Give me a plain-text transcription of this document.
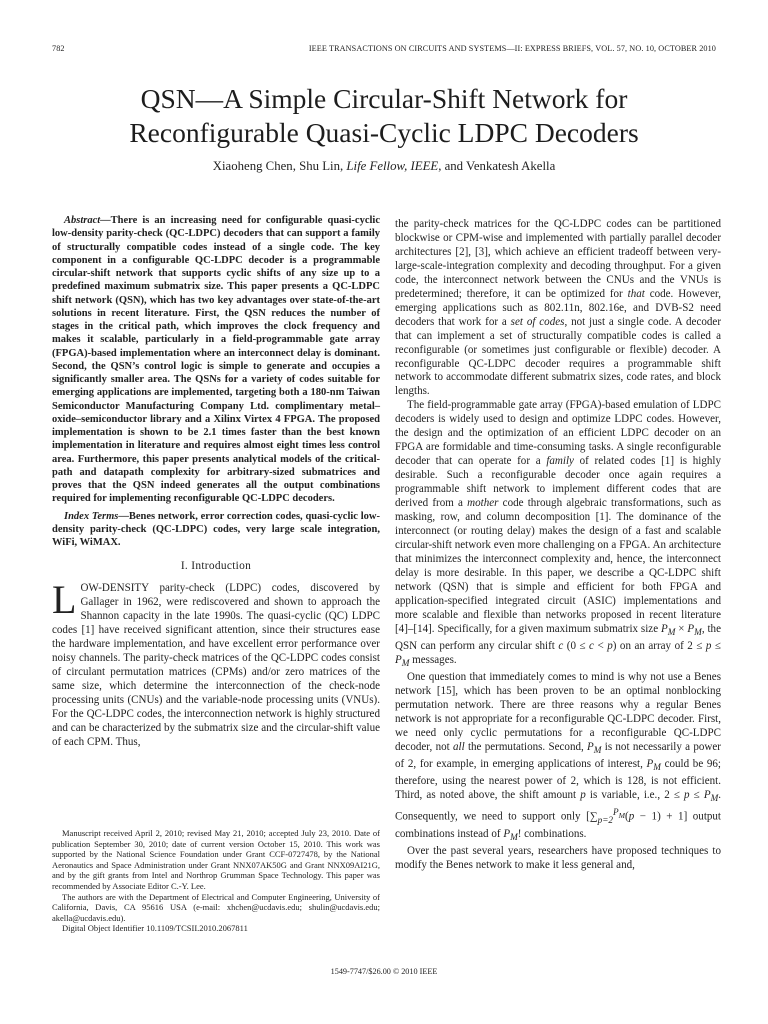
782	IEEE TRANSACTIONS ON CIRCUITS AND SYSTEMS—II: EXPRESS BRIEFS, VOL. 57, NO. 10, OCTOBER 2010
QSN—A Simple Circular-Shift Network for
Reconfigurable Quasi-Cyclic LDPC Decoders
Xiaoheng Chen, Shu Lin, Life Fellow, IEEE, and Venkatesh Akella

Abstract—There is an increasing need for configurable quasi-cyclic low-density parity-check (QC-LDPC) decoders that can support a family of structurally compatible codes instead of a single code. The key component in a configurable QC-LDPC decoder is a programmable circular-shift network that supports cyclic shifts of any size up to a predefined maximum submatrix size. This paper presents a QC-LDPC shift network (QSN), which has two key advantages over state-of-the-art solutions in recent literature. First, the QSN reduces the number of stages in the critical path, which improves the clock frequency and makes it scalable, particularly in a field-programmable gate array (FPGA)-based implementation where an interconnect delay is dominant. Second, the QSN’s control logic is simple to generate and occupies a significantly smaller area. The QSNs for a variety of codes suitable for emerging applications are implemented, targeting both a 180-nm Taiwan Semiconductor Manufacturing Company Ltd. complimentary metal–oxide–semiconductor library and a Xilinx Virtex 4 FPGA. The proposed implementation is shown to be 2.1 times faster than the best known implementation in literature and requires almost eight times less control area. Furthermore, this paper presents analytical models of the critical-path and datapath complexity for arbitrary-sized submatrices and proves that the QSN indeed generates all the output combinations required for implementing reconfigurable QC-LDPC decoders.

Index Terms—Benes network, error correction codes, quasi-cyclic low-density parity-check (QC-LDPC) codes, very large scale integration, WiFi, WiMAX.

I. Introduction

LOW-DENSITY parity-check (LDPC) codes, discovered by Gallager in 1962, were rediscovered and shown to approach the Shannon capacity in the late 1990s. The quasi-cyclic (QC) LDPC codes [1] have received significant attention, since their structures ease the hardware implementation, and have excellent error performance over noisy channels. The parity-check matrices of the QC-LDPC codes consist of circulant permutation matrices (CPMs) and/or zero matrices of the same size, which determine the interconnection of the check-node processing units (CNUs) and the variable-node processing units (VNUs). For the QC-LDPC codes, the interconnection network is highly structured and can be characterized by the submatrix size and the circular-shift value of each CPM. Thus,

Manuscript received April 2, 2010; revised May 21, 2010; accepted July 23, 2010. Date of publication September 30, 2010; date of current version October 15, 2010. This work was supported by the National Science Foundation under Grant CCF-0727478, by the National Aeronautics and Space Administration under Grant NNX07AK50G and Grant NNX09AI21G, and by the gift grants from Intel and Northrop Grumman Space Technology. This paper was recommended by Associate Editor C.-Y. Lee.

The authors are with the Department of Electrical and Computer Engineering, University of California, Davis, CA 95616 USA (e-mail: xhchen@ucdavis.edu; shulin@ucdavis.edu; akella@ucdavis.edu).

Digital Object Identifier 10.1109/TCSII.2010.2067811

the parity-check matrices for the QC-LDPC codes can be partitioned blockwise or CPM-wise and implemented with partially parallel decoder architectures [2], [3], which achieve an efficient tradeoff between very-large-scale-integration complexity and decoding throughput. For a given code, the interconnect network between the CNUs and the VNUs is predetermined; therefore, it can be optimized for that code. However, emerging applications such as 802.11n, 802.16e, and DVB-S2 need decoders that work for a set of codes, not just a single code. A decoder that can implement a set of structurally compatible codes is called a reconfigurable (or sometimes just configurable or flexible) decoder. A reconfigurable QC-LDPC decoder requires a programmable shift network to accommodate different submatrix sizes, code rates, and block lengths.

The field-programmable gate array (FPGA)-based emulation of LDPC decoders is widely used to design and optimize LDPC codes. However, the design and the optimization of an efficient LDPC decoder on an FPGA are formidable and time-consuming tasks. A single reconfigurable decoder that can operate for a family of related codes [1] is highly desirable. Such a reconfigurable decoder once again requires a programmable shift network to implement different codes that are derived from a mother code through algebraic transformations, such as masking, row, and column decomposition [1]. The dominance of the interconnect (or routing delay) makes the design of a fast and scalable circular-shift network even more challenging on a FPGA. An architecture that minimizes the interconnect complexity and, hence, the interconnect delay is more desirable. In this paper, we describe a QC-LDPC shift network (QSN) that is simple and efficient for both FPGA and application-specified integrated circuit (ASIC) implementations and more scalable and flexible than networks proposed in recent literature [4]–[14]. Specifically, for a given maximum submatrix size $P_M \times P_M$, the QSN can perform any circular shift c (0 ≤ c < p) on an array of $2 \le p \le P_M$ messages.

One question that immediately comes to mind is why not use a Benes network [15], which has been proven to be an optimal nonblocking permutation network. There are three reasons why a regular Benes network is not appropriate for a reconfigurable QC-LDPC decoder. First, we need only cyclic permutations for a reconfigurable QC-LDPC decoder, not all the permutations. Second, $P_M$ is not necessarily a power of 2, for example, in emerging applications of interest, $P_M$ could be 96; therefore, using the nearest power of 2, which is 128, is not efficient. Third, as noted above, the shift amount p is variable, i.e., $2 \le p \le P_M$. Consequently, we need to support only $[\sum_{p=2}^{P_M}(p - 1) + 1]$ output combinations instead of $P_M$! combinations.

Over the past several years, researchers have proposed techniques to modify the Benes network to make it less general and,

1549-7747/$26.00 © 2010 IEEE
